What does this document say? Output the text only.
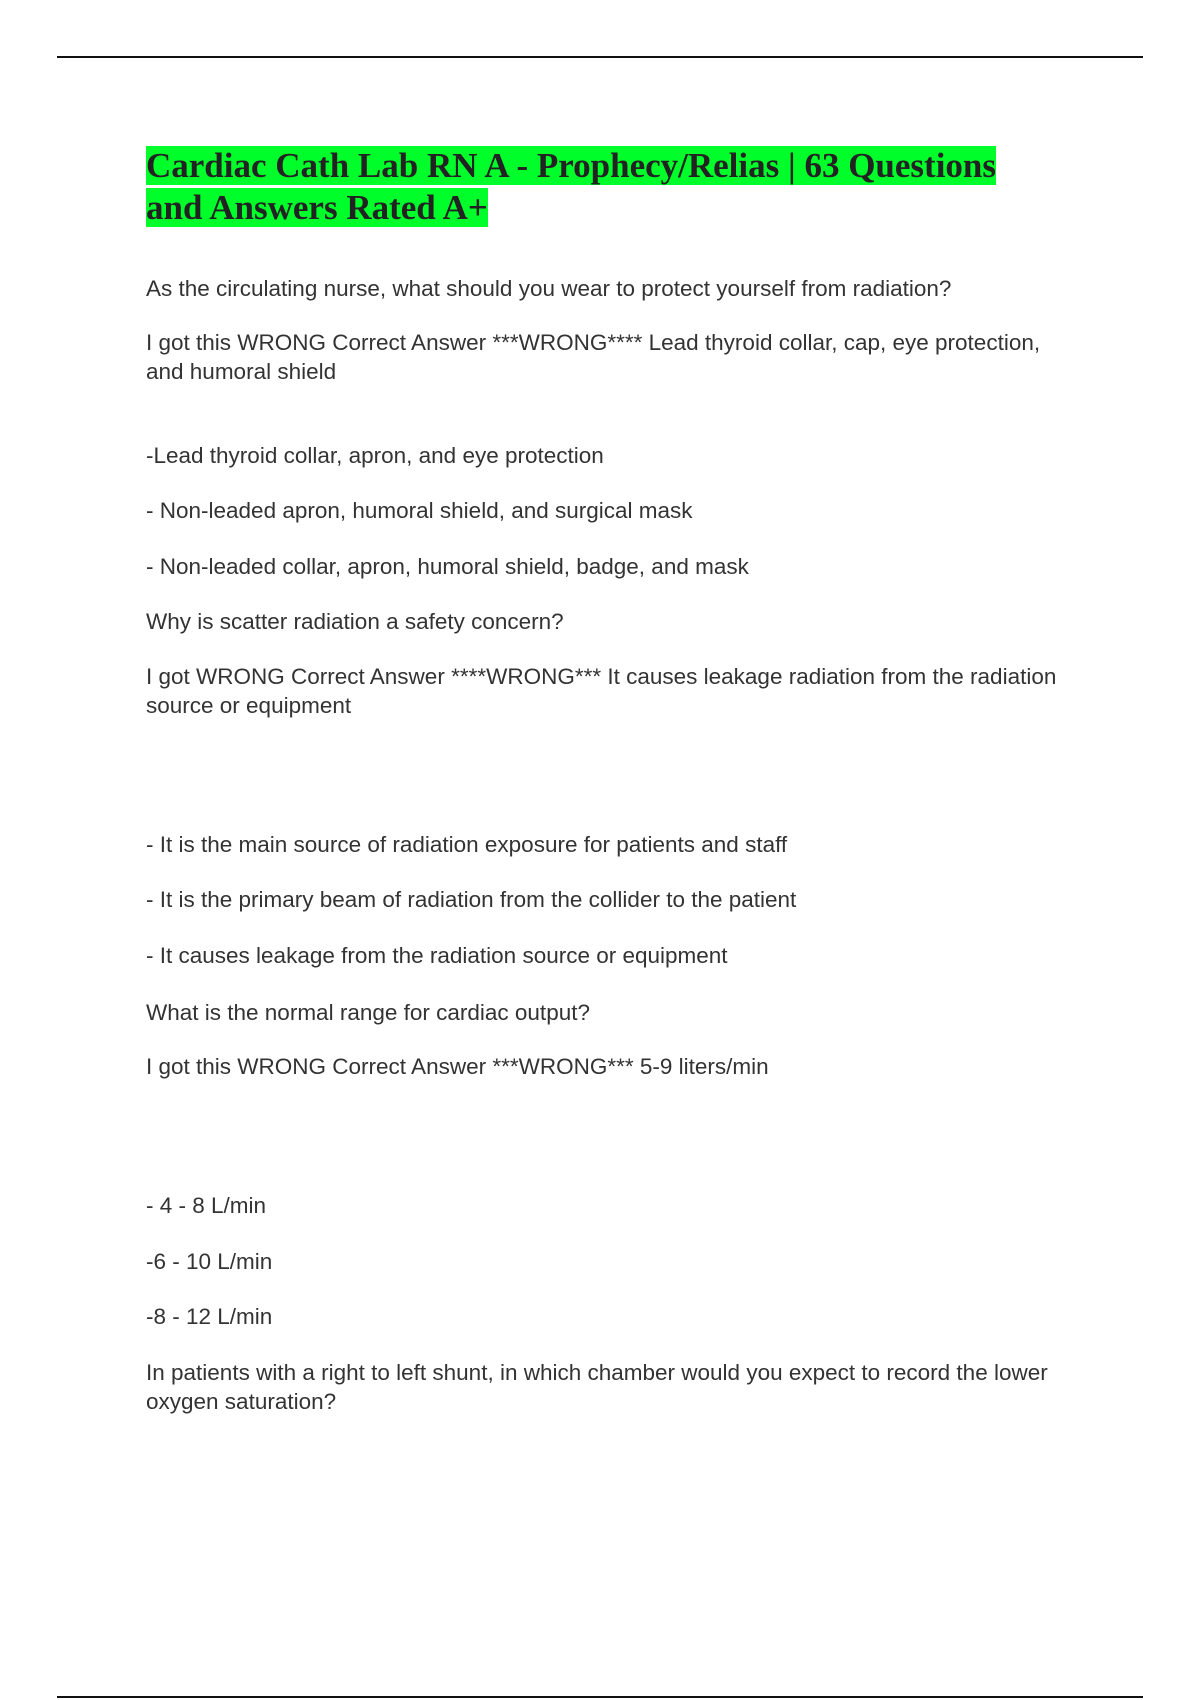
Cardiac Cath Lab RN A - Prophecy/Relias | 63 Questions and Answers Rated A+

As the circulating nurse, what should you wear to protect yourself from radiation?

I got this WRONG Correct Answer ***WRONG**** Lead thyroid collar, cap, eye protection, and humoral shield

-Lead thyroid collar, apron, and eye protection

- Non-leaded apron, humoral shield, and surgical mask

- Non-leaded collar, apron, humoral shield, badge, and mask

Why is scatter radiation a safety concern?

I got WRONG Correct Answer ****WRONG*** It causes leakage radiation from the radiation source or equipment

- It is the main source of radiation exposure for patients and staff

- It is the primary beam of radiation from the collider to the patient

- It causes leakage from the radiation source or equipment

What is the normal range for cardiac output?

I got this WRONG Correct Answer ***WRONG*** 5-9 liters/min

- 4 - 8 L/min

-6 - 10 L/min

-8 - 12 L/min

In patients with a right to left shunt, in which chamber would you expect to record the lower oxygen saturation?
